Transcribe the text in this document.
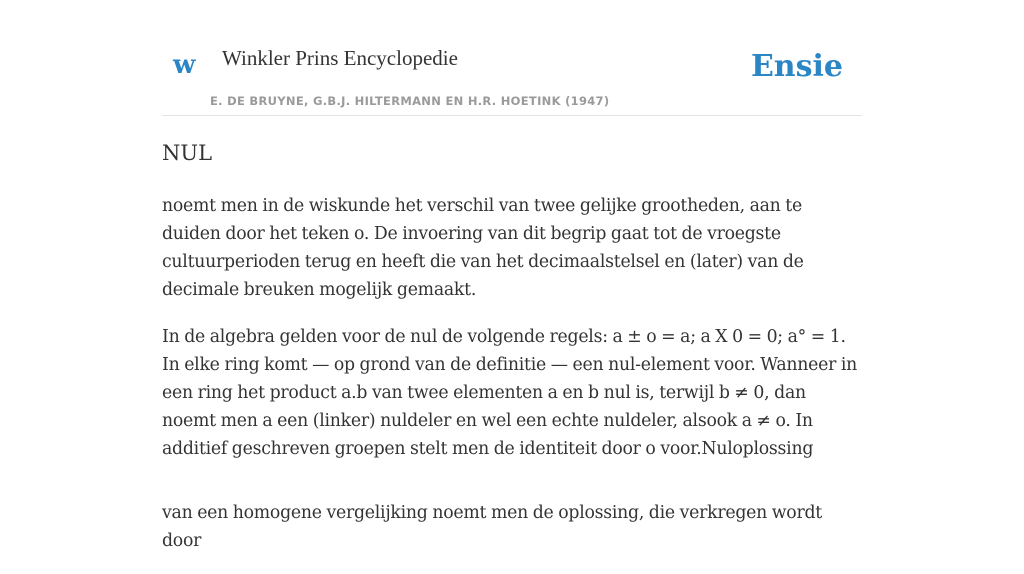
w Winkler Prins Encyclopedie
E. DE BRUYNE, G.B.J. HILTERMANN EN H.R. HOETINK (1947)
Ensie
NUL

noemt men in de wiskunde het verschil van twee gelijke grootheden, aan te duiden door het teken o. De invoering van dit begrip gaat tot de vroegste cultuurperioden terug en heeft die van het decimaalstelsel en (later) van de decimale breuken mogelijk gemaakt.

In de algebra gelden voor de nul de volgende regels: a ± o = a; a X 0 = 0; a° = 1. In elke ring komt — op grond van de definitie — een nul-element voor. Wanneer in een ring het product a.b van twee elementen a en b nul is, terwijl b ≠ 0, dan noemt men a een (linker) nuldeler en wel een echte nuldeler, alsook a ≠ o. In additief geschreven groepen stelt men de identiteit door o voor.Nuloplossing

van een homogene vergelijking noemt men de oplossing, die verkregen wordt door
